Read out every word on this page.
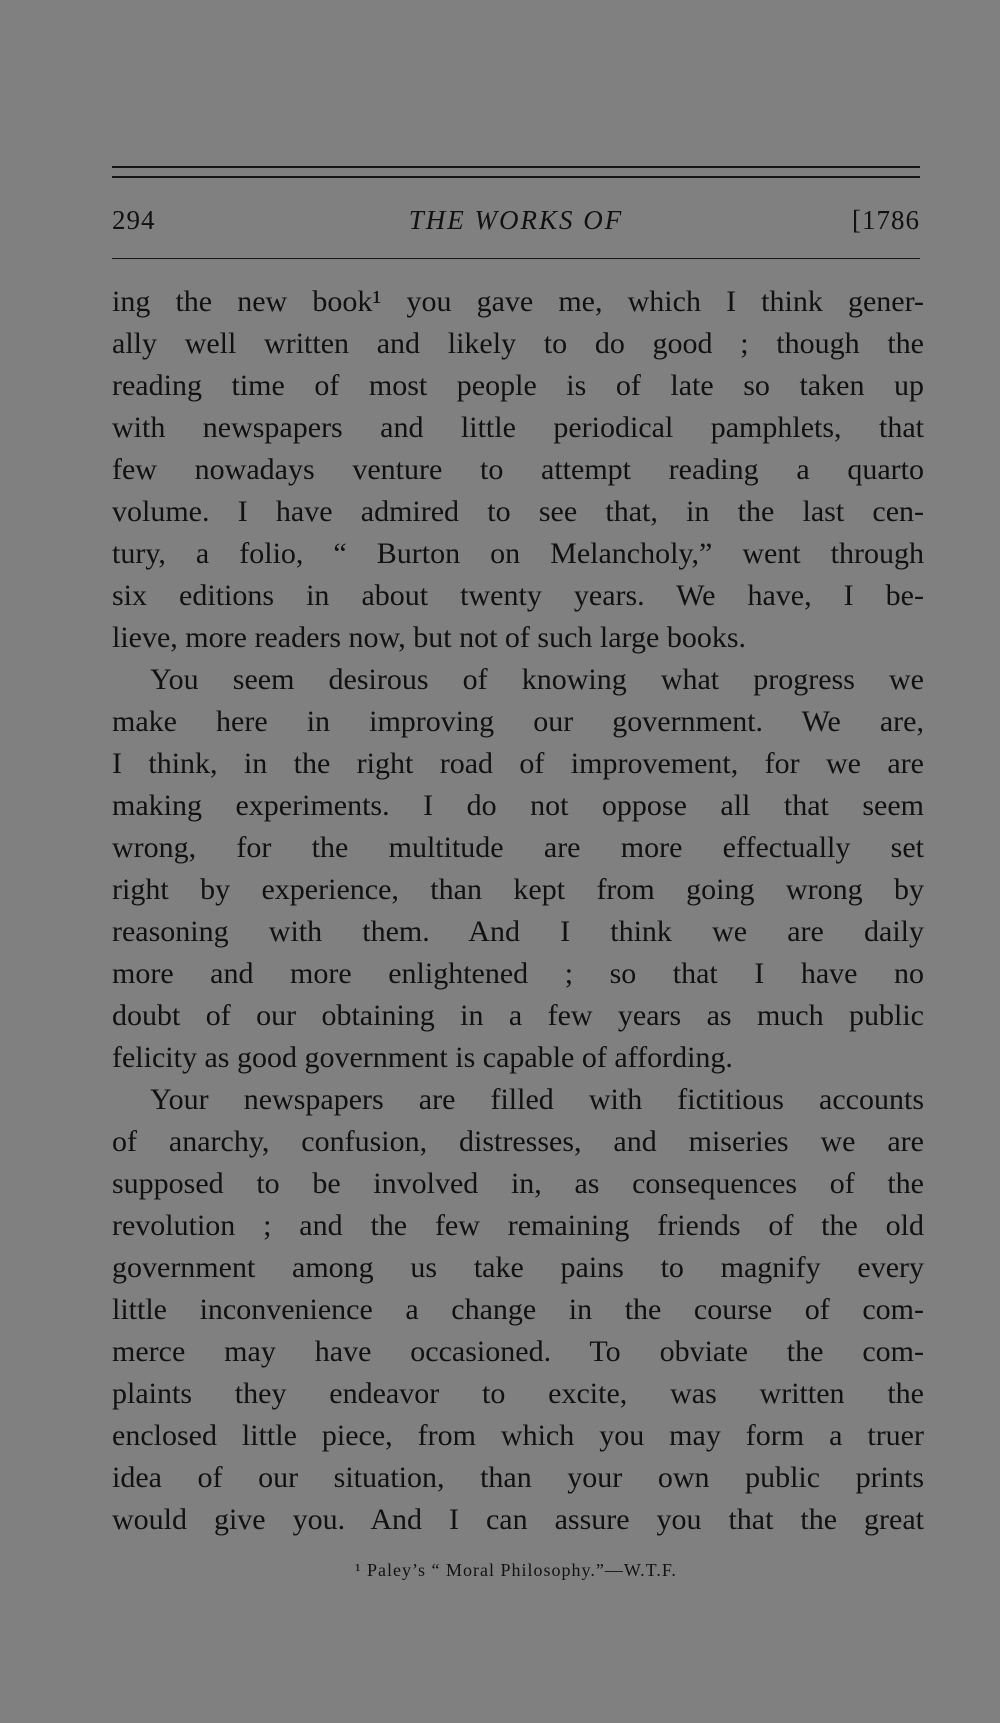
294	THE WORKS OF	[1786
ing the new book¹ you gave me, which I think gener-
ally well written and likely to do good ; though the
reading time of most people is of late so taken up
with newspapers and little periodical pamphlets, that
few nowadays venture to attempt reading a quarto
volume. I have admired to see that, in the last cen-
tury, a folio, “ Burton on Melancholy,” went through
six editions in about twenty years. We have, I be-
lieve, more readers now, but not of such large books.
You seem desirous of knowing what progress we
make here in improving our government. We are,
I think, in the right road of improvement, for we are
making experiments. I do not oppose all that seem
wrong, for the multitude are more effectually set
right by experience, than kept from going wrong by
reasoning with them. And I think we are daily
more and more enlightened ; so that I have no
doubt of our obtaining in a few years as much public
felicity as good government is capable of affording.
Your newspapers are filled with fictitious accounts
of anarchy, confusion, distresses, and miseries we are
supposed to be involved in, as consequences of the
revolution ; and the few remaining friends of the old
government among us take pains to magnify every
little inconvenience a change in the course of com-
merce may have occasioned. To obviate the com-
plaints they endeavor to excite, was written the
enclosed little piece, from which you may form a truer
idea of our situation, than your own public prints
would give you. And I can assure you that the great
¹ Paley’s “ Moral Philosophy.”—W.T.F.
